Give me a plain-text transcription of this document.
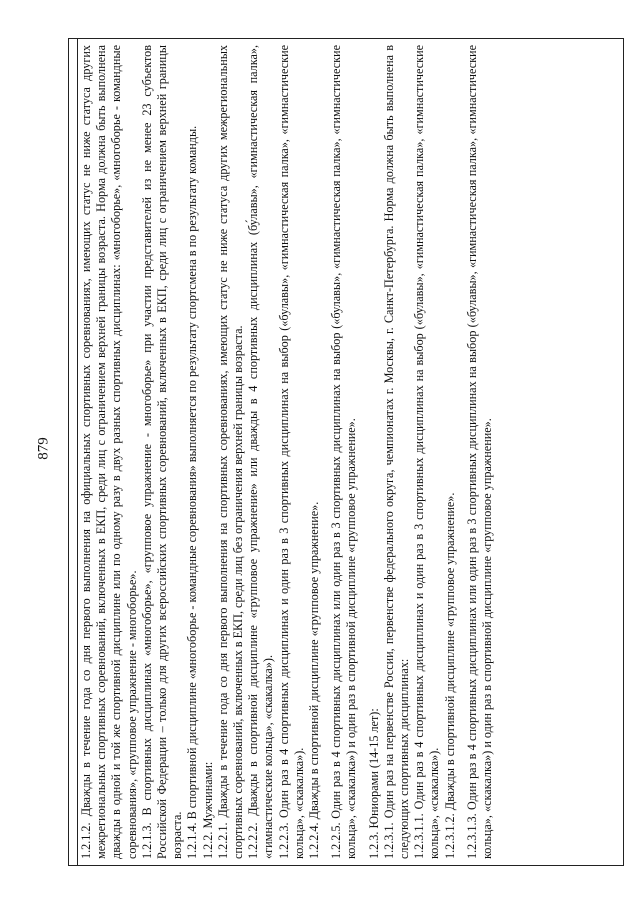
879 1.2.1.2. Дважды в течение года со дня первого выполнения на официальных спортивных соревнованиях, имеющих статус не ниже статуса других межрегиональных спортивных соревнований, включенных в ЕКП, среди лиц с ограничением верхней границы возраста. Норма должна быть выполнена дважды в одной и той же спортивной дисциплине или по одному разу в двух разных спортивных дисциплинах: «многоборье», «многоборье - командные соревнования», «групповое упражнение - многоборье». 1.2.1.3. В спортивных дисциплинах «многоборье», «групповое упражнение - многоборье» при участии представителей из не менее 23 субъектов Российской Федерации – только для других всероссийских спортивных соревнований, включенных в ЕКП, среди лиц с ограничением верхней границы возраста. 1.2.1.4. В спортивной дисциплине «многоборье - командные соревнования» выполняется по результату спортсмена в по результату команды. 1.2.2. Мужчинами: 1.2.2.1. Дважды в течение года со дня первого выполнения на спортивных соревнованиях, имеющих статус не ниже статуса других межрегиональных спортивных соревнований, включенных в ЕКП, среди лиц без ограничения верхней границы возраста. 1.2.2.2. Дважды в спортивной дисциплине «групповое упражнение» или дважды в 4 спортивных дисциплинах (бу́лавы», «гимнастическая палка», «гимнастические кольца», «скакалка»). 1.2.2.3. Один раз в 4 спортивных дисциплинах и один раз в 3 спортивных дисциплинах на выбор («булавы», «гимнастическая палка», «гимнастические кольца», «скакалка»). 1.2.2.4. Дважды в спортивной дисциплине «групповое упражнение». 1.2.2.5. Один раз в 4 спортивных дисциплинах или один раз в 3 спортивных дисциплинах на выбор («булавы», «гимнастическая палка», «гимнастические кольца», «скакалка») и один раз в спортивной дисциплине «групповое упражнение». 1.2.3. Юниорами (14-15 лет): 1.2.3.1. Один раз на первенстве России, первенстве федерального округа, чемпионатах г. Москвы, г. Санкт-Петербурга. Норма должна быть выполнена в следующих спортивных дисциплинах: 1.2.3.1.1. Один раз в 4 спортивных дисциплинах и один раз в 3 спортивных дисциплинах на выбор («булавы», «гимнастическая палка», «гимнастические кольца», «скакалка»). 1.2.3.1.2. Дважды в спортивной дисциплине «групповое упражнение». 1.2.3.1.3. Один раз в 4 спортивных дисциплинах или один раз в 3 спортивных дисциплинах на выбор («булавы», «гимнастическая палка», «гимнастические кольца», «скакалка») и один раз в спортивной дисциплине «групповое упражнение».
